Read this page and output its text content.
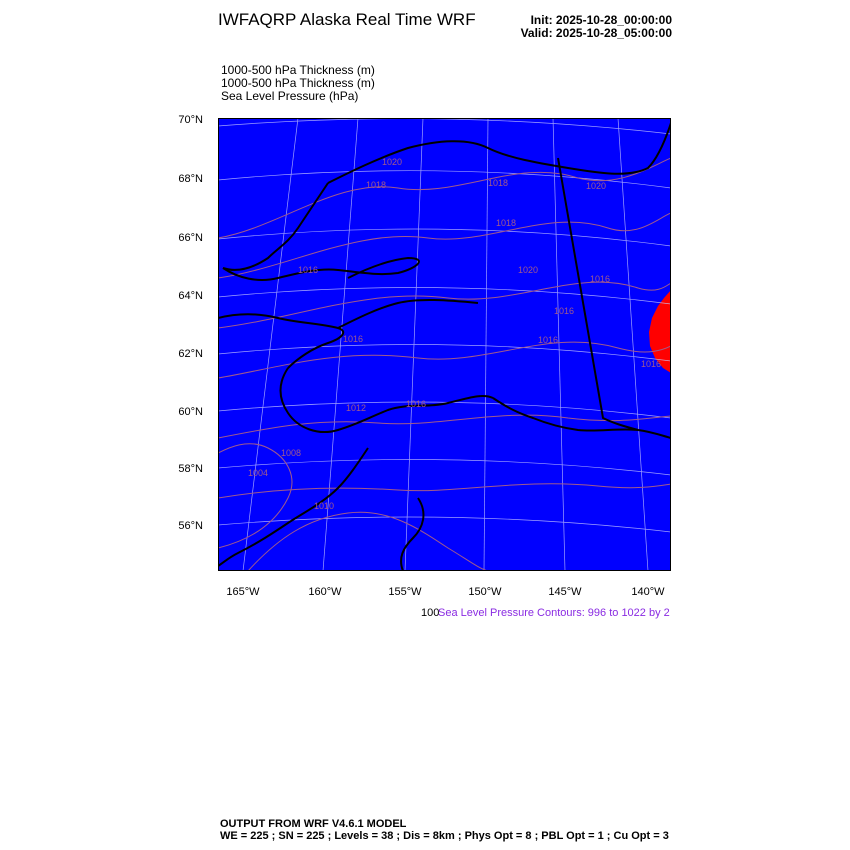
IWFAQRP Alaska Real Time WRF	Init: 2025-10-28_00:00:00
Valid: 2025-10-28_05:00:00
1000-500 hPa Thickness (m)
1000-500 hPa Thickness (m)
Sea Level Pressure (hPa)
70°N
68°N
66°N
64°N
62°N
60°N
58°N
56°N
165°W	160°W	155°W	150°W	145°W	140°W
1020
1018	1018	1020
1020
1016
1016
1016
1018
1016
1016
1016
1008
1004
1012
1010
1016
100
Sea Level Pressure Contours: 996 to 1022 by 2
OUTPUT FROM WRF V4.6.1 MODEL
WE = 225 ; SN = 225 ; Levels = 38 ; Dis = 8km ; Phys Opt = 8 ; PBL Opt = 1 ; Cu Opt = 3
